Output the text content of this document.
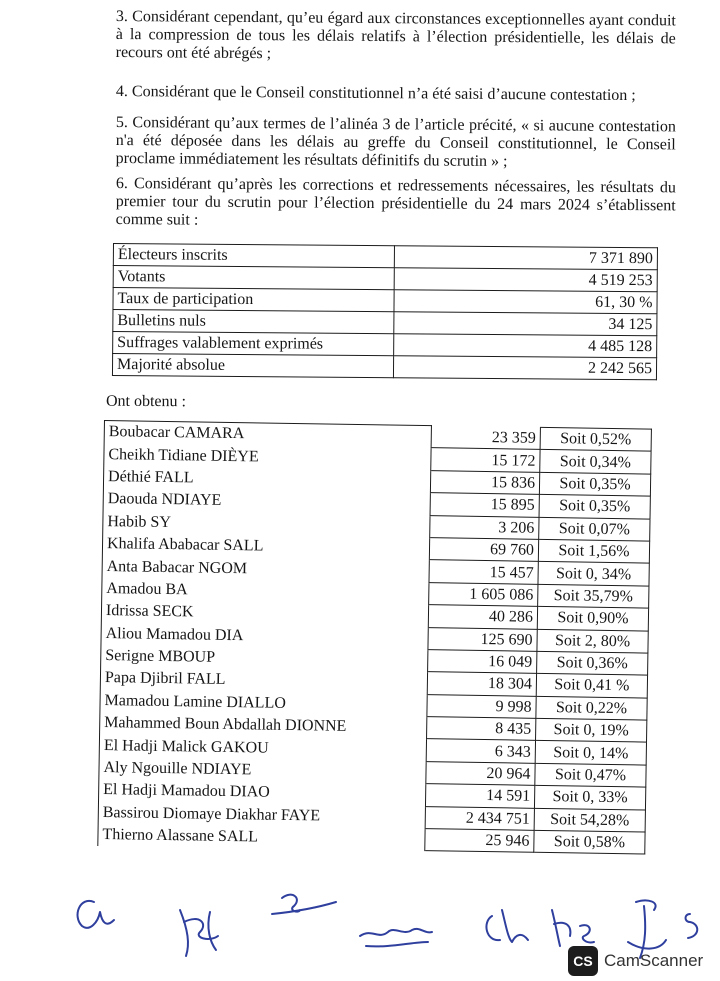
3. Considérant cependant, qu’eu égard aux circonstances exceptionnelles ayant conduit à la compression de tous les délais relatifs à l’élection présidentielle, les délais de recours ont été abrégés ;
4. Considérant que le Conseil constitutionnel n’a été saisi d’aucune contestation ;
5. Considérant qu’aux termes de l’alinéa 3 de l’article précité, « si aucune contestation n'a été déposée dans les délais au greffe du Conseil constitutionnel, le Conseil proclame immédiatement les résultats définitifs du scrutin » ;
6. Considérant qu’après les corrections et redressements nécessaires, les résultats du premier tour du scrutin pour l’élection présidentielle du 24 mars 2024 s’établissent comme suit :
Électeurs inscrits	7 371 890
Votants	4 519 253
Taux de participation	61, 30 %
Bulletins nuls	34 125
Suffrages valablement exprimés	4 485 128
Majorité absolue	2 242 565
Ont obtenu :
Boubacar CAMARA	23 359	Soit 0,52%
Cheikh Tidiane DIÈYE	15 172	Soit 0,34%
Déthié FALL	15 836	Soit 0,35%
Daouda NDIAYE	15 895	Soit 0,35%
Habib SY	3 206	Soit 0,07%
Khalifa Ababacar SALL	69 760	Soit 1,56%
Anta Babacar NGOM	15 457	Soit 0, 34%
Amadou BA	1 605 086	Soit 35,79%
Idrissa SECK	40 286	Soit 0,90%
Aliou Mamadou DIA	125 690	Soit 2, 80%
Serigne MBOUP	16 049	Soit 0,36%
Papa Djibril FALL	18 304	Soit 0,41 %
Mamadou Lamine DIALLO	9 998	Soit 0,22%
Mahammed Boun Abdallah DIONNE	8 435	Soit 0, 19%
El Hadji Malick GAKOU	6 343	Soit 0, 14%
Aly Ngouille NDIAYE	20 964	Soit 0,47%
El Hadji Mamadou DIAO	14 591	Soit 0, 33%
Bassirou Diomaye Diakhar FAYE	2 434 751	Soit 54,28%
Thierno Alassane SALL	25 946	Soit 0,58%
CS CamScanner
